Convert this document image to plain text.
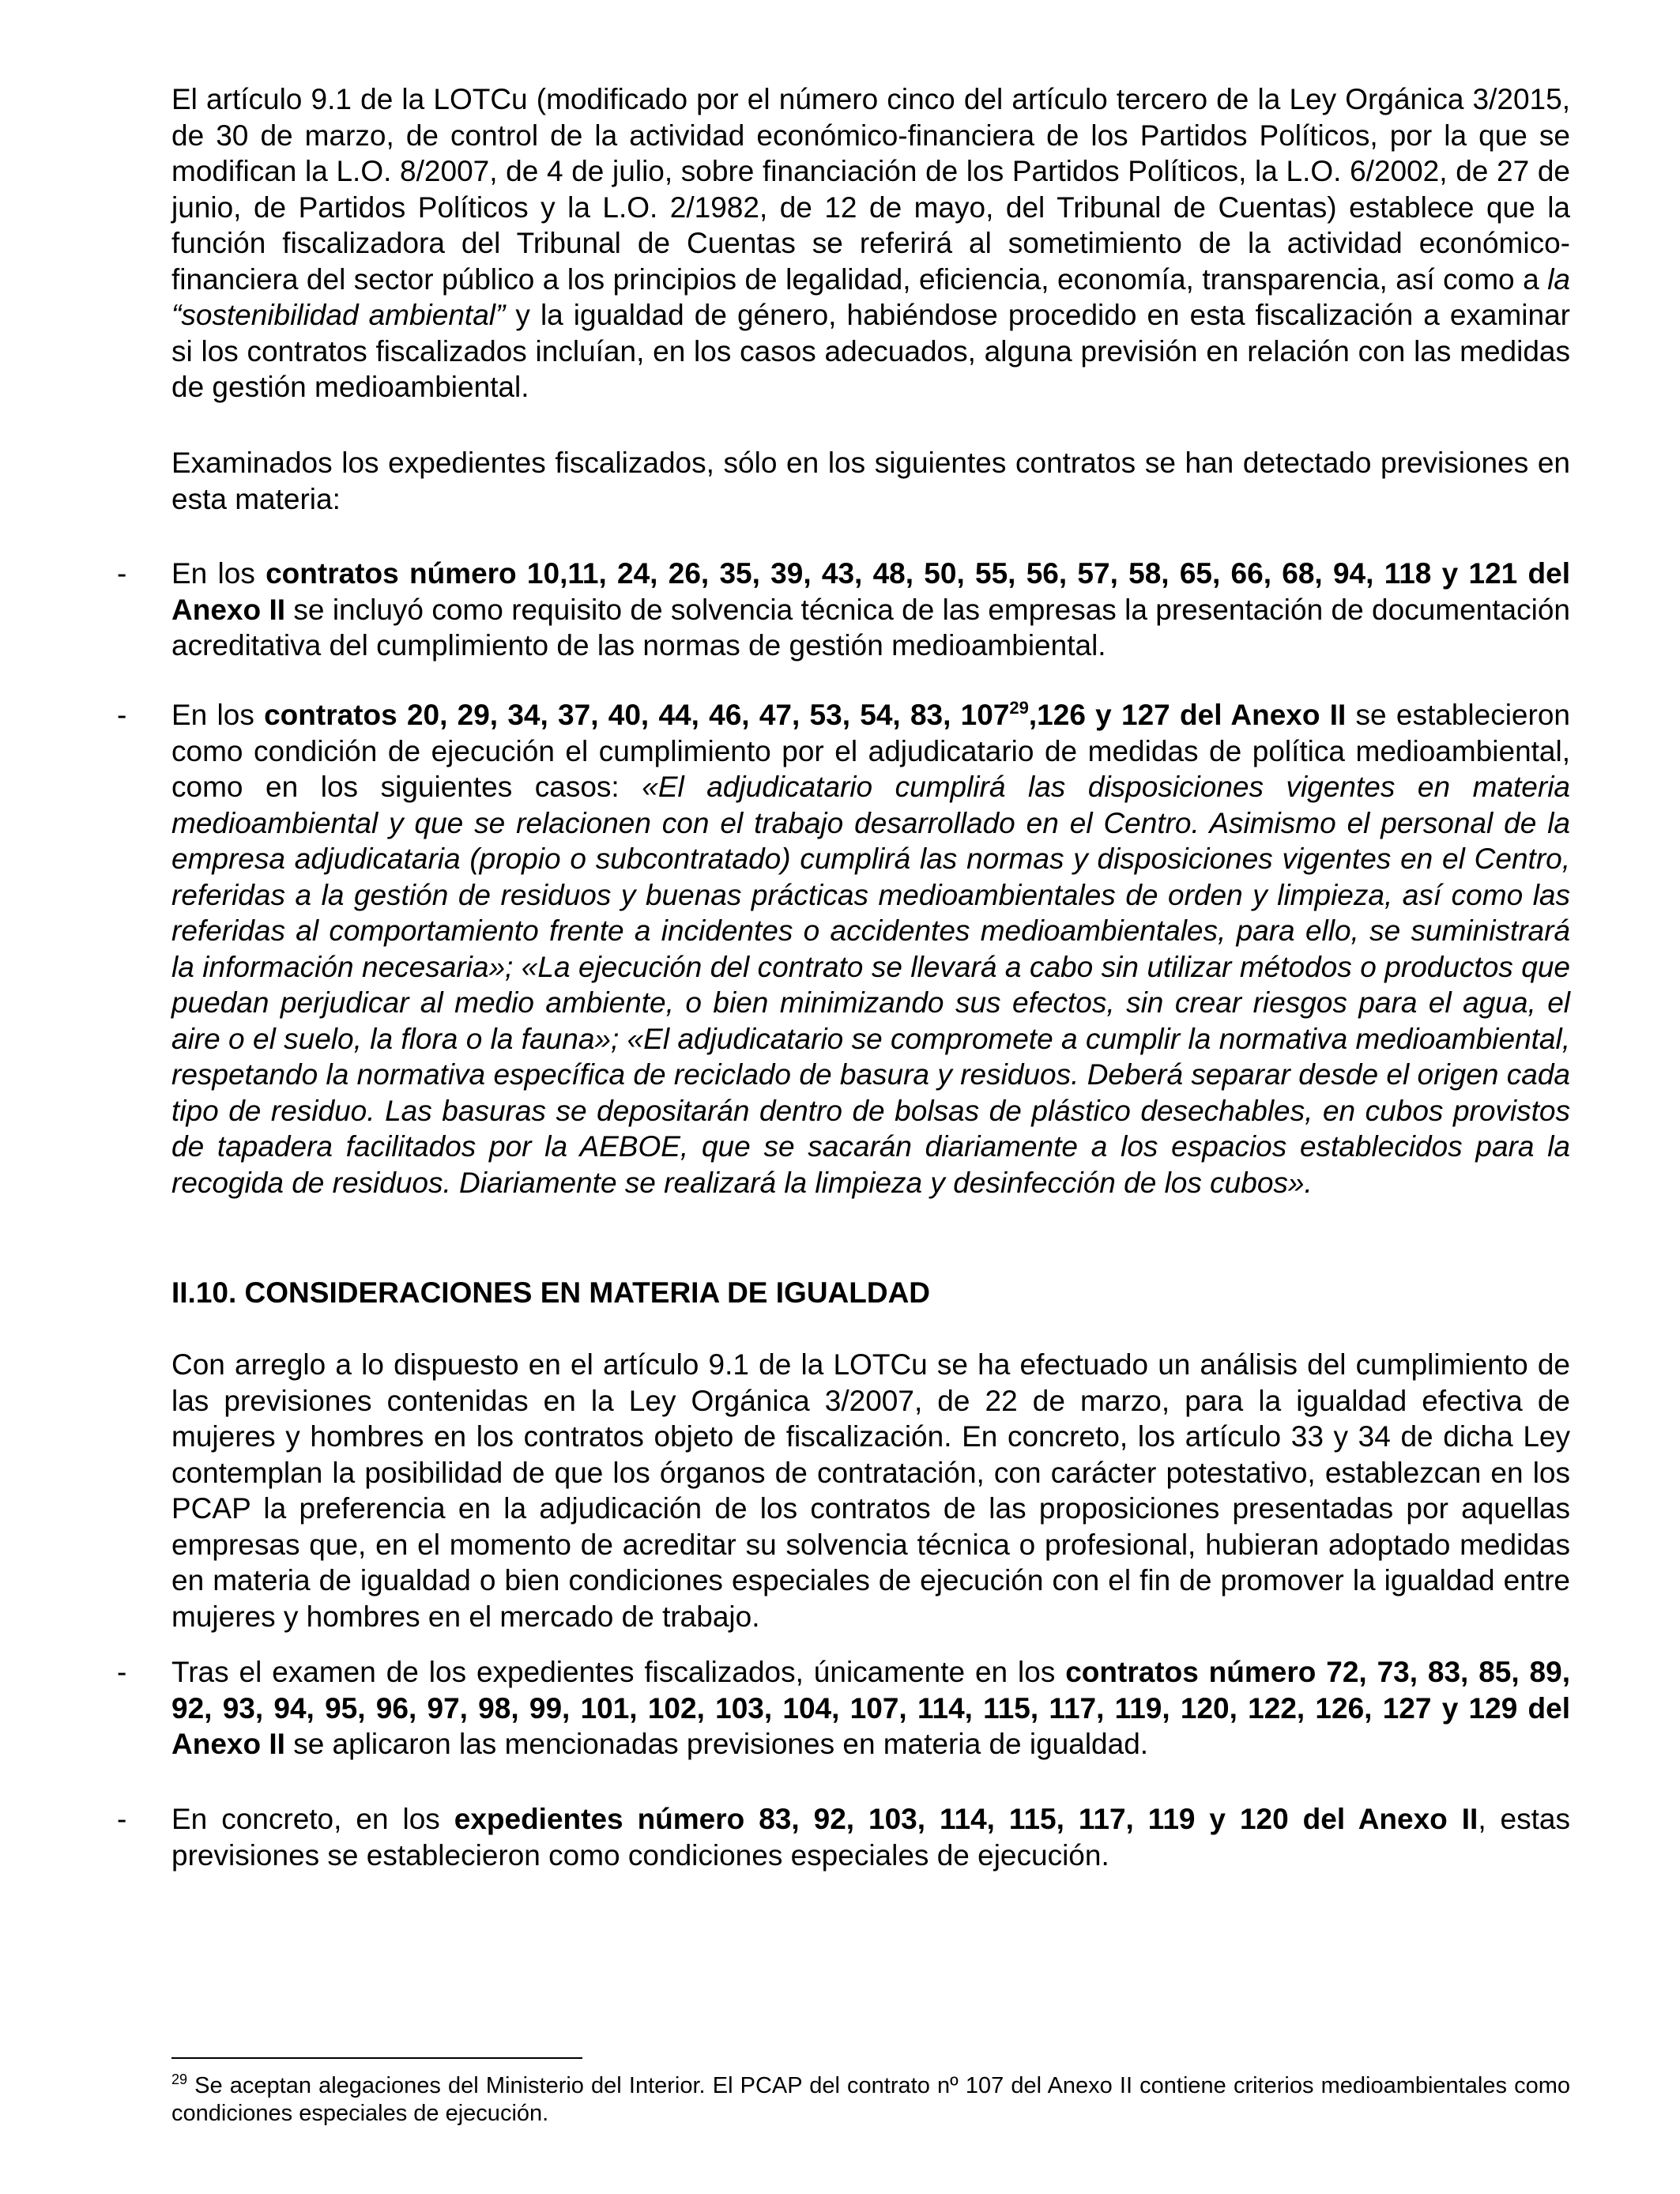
El artículo 9.1 de la LOTCu (modificado por el número cinco del artículo tercero de la Ley Orgánica 3/2015, de 30 de marzo, de control de la actividad económico-financiera de los Partidos Políticos, por la que se modifican la L.O. 8/2007, de 4 de julio, sobre financiación de los Partidos Políticos, la L.O. 6/2002, de 27 de junio, de Partidos Políticos y la L.O. 2/1982, de 12 de mayo, del Tribunal de Cuentas) establece que la función fiscalizadora del Tribunal de Cuentas se referirá al sometimiento de la actividad económico-financiera del sector público a los principios de legalidad, eficiencia, economía, transparencia, así como a la “sostenibilidad ambiental” y la igualdad de género, habiéndose procedido en esta fiscalización a examinar si los contratos fiscalizados incluían, en los casos adecuados, alguna previsión en relación con las medidas de gestión medioambiental.

Examinados los expedientes fiscalizados, sólo en los siguientes contratos se han detectado previsiones en esta materia:

- En los contratos número 10,11, 24, 26, 35, 39, 43, 48, 50, 55, 56, 57, 58, 65, 66, 68, 94, 118 y 121 del Anexo II se incluyó como requisito de solvencia técnica de las empresas la presentación de documentación acreditativa del cumplimiento de las normas de gestión medioambiental.

- En los contratos 20, 29, 34, 37, 40, 44, 46, 47, 53, 54, 83, $107^{29},126$ y 127 del Anexo II se establecieron como condición de ejecución el cumplimiento por el adjudicatario de medidas de política medioambiental, como en los siguientes casos: «El adjudicatario cumplirá las disposiciones vigentes en materia medioambiental y que se relacionen con el trabajo desarrollado en el Centro. Asimismo el personal de la empresa adjudicataria (propio o subcontratado) cumplirá las normas y disposiciones vigentes en el Centro, referidas a la gestión de residuos y buenas prácticas medioambientales de orden y limpieza, así como las referidas al comportamiento frente a incidentes o accidentes medioambientales, para ello, se suministrará la información necesaria»; «La ejecución del contrato se llevará a cabo sin utilizar métodos o productos que puedan perjudicar al medio ambiente, o bien minimizando sus efectos, sin crear riesgos para el agua, el aire o el suelo, la flora o la fauna»; «El adjudicatario se compromete a cumplir la normativa medioambiental, respetando la normativa específica de reciclado de basura y residuos. Deberá separar desde el origen cada tipo de residuo. Las basuras se depositarán dentro de bolsas de plástico desechables, en cubos provistos de tapadera facilitados por la AEBOE, que se sacarán diariamente a los espacios establecidos para la recogida de residuos. Diariamente se realizará la limpieza y desinfección de los cubos».

II.10. CONSIDERACIONES EN MATERIA DE IGUALDAD

Con arreglo a lo dispuesto en el artículo 9.1 de la LOTCu se ha efectuado un análisis del cumplimiento de las previsiones contenidas en la Ley Orgánica 3/2007, de 22 de marzo, para la igualdad efectiva de mujeres y hombres en los contratos objeto de fiscalización. En concreto, los artículo 33 y 34 de dicha Ley contemplan la posibilidad de que los órganos de contratación, con carácter potestativo, establezcan en los PCAP la preferencia en la adjudicación de los contratos de las proposiciones presentadas por aquellas empresas que, en el momento de acreditar su solvencia técnica o profesional, hubieran adoptado medidas en materia de igualdad o bien condiciones especiales de ejecución con el fin de promover la igualdad entre mujeres y hombres en el mercado de trabajo.

- Tras el examen de los expedientes fiscalizados, únicamente en los contratos número 72, 73, 83, 85, 89, 92, 93, 94, 95, 96, 97, 98, 99, 101, 102, 103, 104, 107, 114, 115, 117, 119, 120, 122, 126, 127 y 129 del Anexo II se aplicaron las mencionadas previsiones en materia de igualdad.

- En concreto, en los expedientes número 83, 92, 103, 114, 115, 117, 119 y 120 del Anexo II, estas previsiones se establecieron como condiciones especiales de ejecución.

$^{29}$ Se aceptan alegaciones del Ministerio del Interior. El PCAP del contrato nº 107 del Anexo II contiene criterios medioambientales como condiciones especiales de ejecución.
